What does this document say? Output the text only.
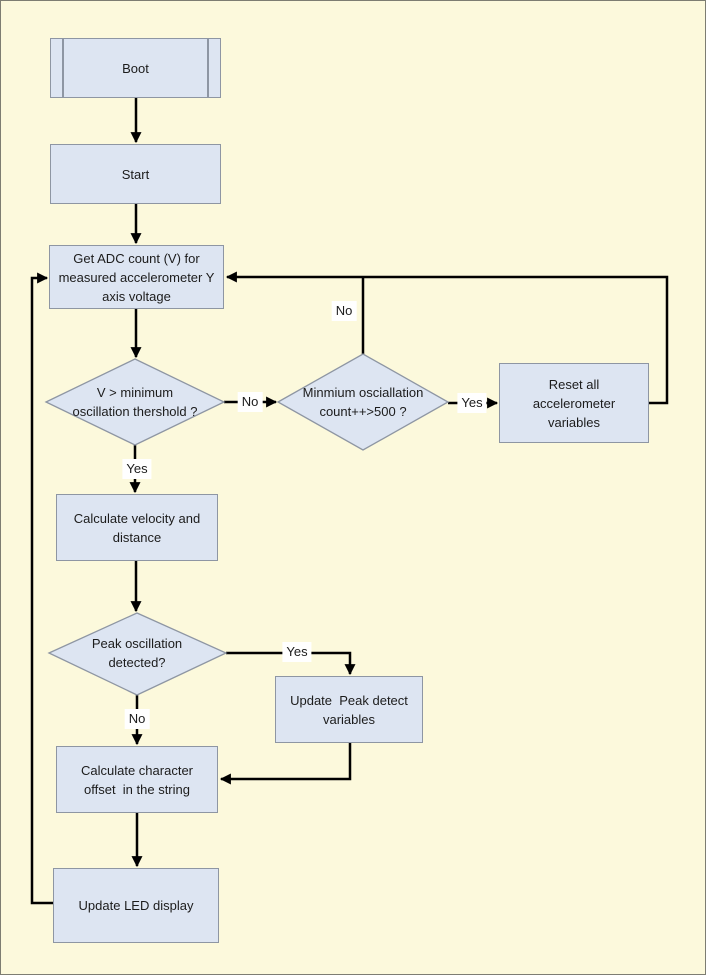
Boot
Start
Get ADC count (V) for
measured accelerometer Y
axis voltage
Reset all
accelerometer
variables
Calculate velocity and
distance
Update  Peak detect
variables
Calculate character
offset  in the string
Update LED display
V > minimum
oscillation thershold ?
Minmium osciallation
count++>500 ?
Peak oscillation
detected?
No	Yes
No
Yes
Yes
No
